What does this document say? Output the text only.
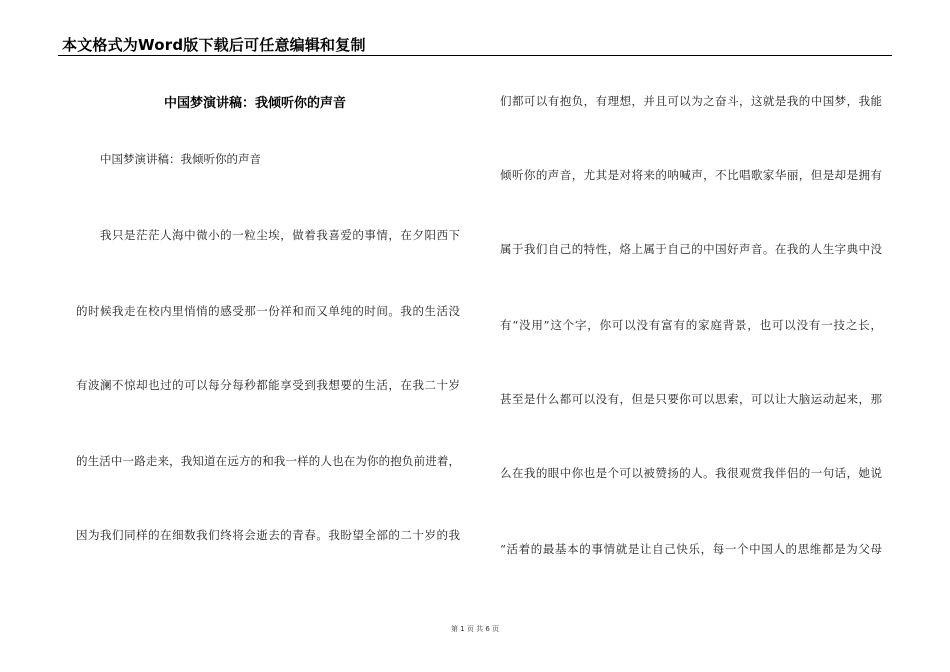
本文格式为Word版下载后可任意编辑和复制
中国梦演讲稿：我倾听你的声音
中国梦演讲稿：我倾听你的声音
我只是茫茫人海中微小的一粒尘埃，做着我喜爱的事情，在夕阳西下
的时候我走在校内里悄悄的感受那一份祥和而又单纯的时间。我的生活没
有波澜不惊却也过的可以每分每秒都能享受到我想要的生活，在我二十岁
的生活中一路走来，我知道在远方的和我一样的人也在为你的抱负前进着，
因为我们同样的在细数我们终将会逝去的青春。我盼望全部的二十岁的我
们都可以有抱负，有理想，并且可以为之奋斗，这就是我的中国梦，我能
倾听你的声音，尤其是对将来的呐喊声，不比唱歌家华丽，但是却是拥有
属于我们自己的特性，烙上属于自己的中国好声音。在我的人生字典中没
有“没用”这个字，你可以没有富有的家庭背景，也可以没有一技之长，
甚至是什么都可以没有，但是只要你可以思索，可以让大脑运动起来，那
么在我的眼中你也是个可以被赞扬的人。我很观赏我伴侣的一句话，她说
“活着的最基本的事情就是让自己快乐，每一个中国人的思维都是为父母
第 1 页 共 6 页
